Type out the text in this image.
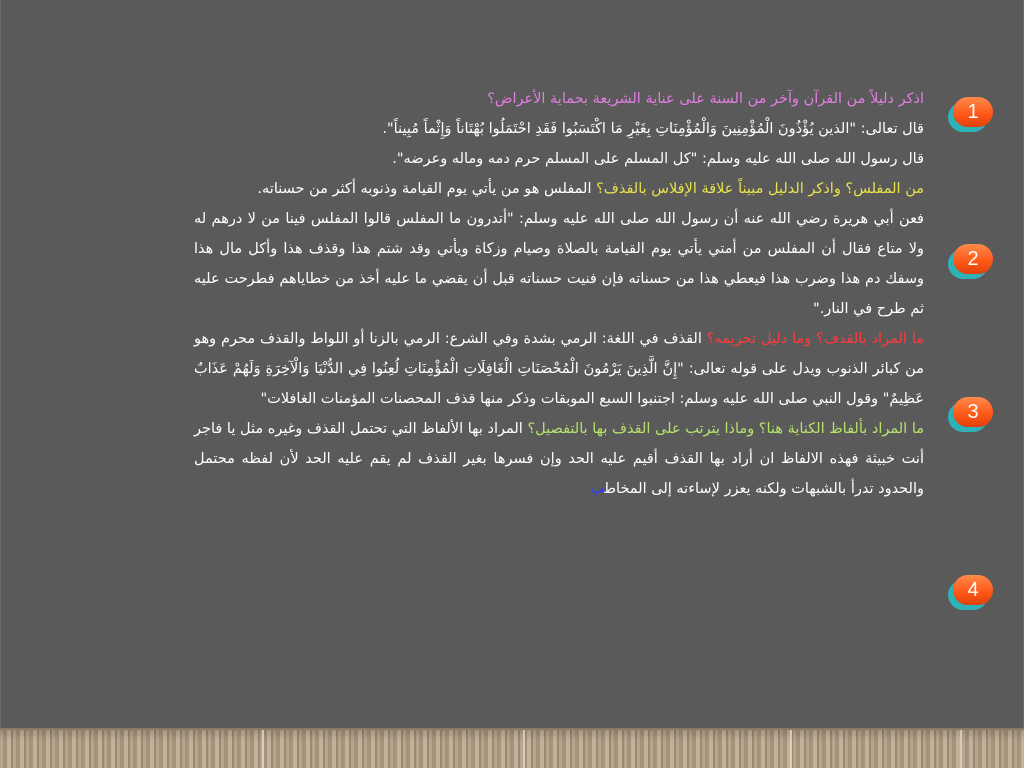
1
2
3
4

اذكر دليلاً من القرآن وآخر من السنة على عناية الشريعة بحماية الأعراض؟

قال تعالى: "الذين يُؤْذُونَ الْمُؤْمِنِينَ وَالْمُؤْمِنَاتِ بِغَيْرِ مَا اكْتَسَبُوا فَقَدِ احْتَمَلُوا بُهْتَاناً وَإِثْماً مُبِيناً".

قال رسول الله صلى الله عليه وسلم: "كل المسلم على المسلم حرم دمه وماله وعرضه".

من المفلس؟ واذكر الدليل مبيناً علاقة الإفلاس بالقذف؟ المفلس هو من يأتي يوم القيامة وذنوبه أكثر من حسناته.

فعن أبي هريرة رضي الله عنه أن رسول الله صلى الله عليه وسلم: "أتدرون ما المفلس قالوا المفلس فينا من لا درهم له ولا متاع فقال أن المفلس من أمتي يأتي يوم القيامة بالصلاة وصيام وزكاة ويأتي وقد شتم هذا وقذف هذا وأكل مال هذا وسفك دم هذا وضرب هذا فيعطي هذا من حسناته فإن فنيت حسناته قبل أن يقضي ما عليه أخذ من خطاياهم فطرحت عليه ثم طرح في النار."

ما المراد بالقذف؟ وما دليل تحريمه؟ القذف في اللغة: الرمي بشدة وفي الشرع: الرمي بالزنا أو اللواط والقذف محرم وهو من كبائر الذنوب ويدل على قوله تعالى: "إِنَّ الَّذِينَ يَرْمُونَ الْمُحْصَنَاتِ الْغَافِلَاتِ الْمُؤْمِنَاتِ لُعِنُوا فِي الدُّنْيَا وَالْآخِرَةِ وَلَهُمْ عَذَابٌ عَظِيمٌ" وقول النبي صلى الله عليه وسلم: اجتنبوا السبع الموبقات وذكر منها قذف المحصنات المؤمنات الغافلات"

ما المراد بألفاظ الكناية هنا؟ وماذا يترتب على القذف بها بالتفصيل؟ المراد بها الألفاظ التي تحتمل القذف وغيره مثل يا فاجر أنت خبيثة فهذه الالفاظ ان أراد بها القذف أقيم عليه الحد وإن فسرها بغير القذف لم يقم عليه الحد لأن لفظه محتمل والحدود تدرأ بالشبهات ولكنه يعزر لإساءته إلى المخاطب
